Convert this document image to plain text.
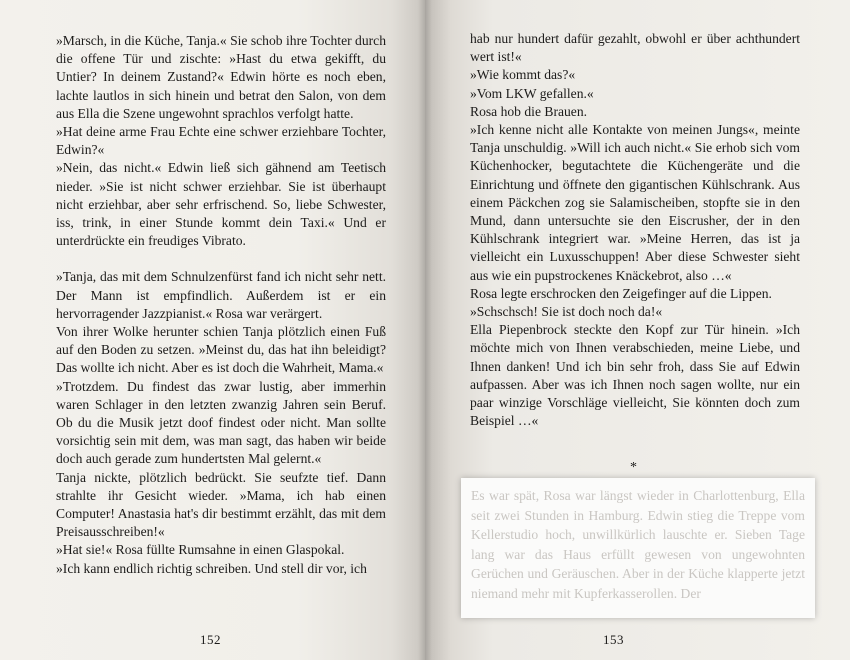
»Marsch, in die Küche, Tanja.« Sie schob ihre Tochter durch die offene Tür und zischte: »Hast du etwa gekifft, du Untier? In deinem Zustand?« Edwin hörte es noch eben, lachte lautlos in sich hinein und betrat den Salon, von dem aus Ella die Szene ungewohnt sprachlos verfolgt hatte.

»Hat deine arme Frau Echte eine schwer erziehbare Tochter, Edwin?«

»Nein, das nicht.« Edwin ließ sich gähnend am Teetisch nieder. »Sie ist nicht schwer erziehbar. Sie ist überhaupt nicht erziehbar, aber sehr erfrischend. So, liebe Schwester, iss, trink, in einer Stunde kommt dein Taxi.« Und er unterdrückte ein freudiges Vibrato.

»Tanja, das mit dem Schnulzenfürst fand ich nicht sehr nett. Der Mann ist empfindlich. Außerdem ist er ein hervorragender Jazzpianist.« Rosa war verärgert.

Von ihrer Wolke herunter schien Tanja plötzlich einen Fuß auf den Boden zu setzen. »Meinst du, das hat ihn beleidigt? Das wollte ich nicht. Aber es ist doch die Wahrheit, Mama.«

»Trotzdem. Du findest das zwar lustig, aber immerhin waren Schlager in den letzten zwanzig Jahren sein Beruf. Ob du die Musik jetzt doof findest oder nicht. Man sollte vorsichtig sein mit dem, was man sagt, das haben wir beide doch auch gerade zum hundertsten Mal gelernt.«

Tanja nickte, plötzlich bedrückt. Sie seufzte tief. Dann strahlte ihr Gesicht wieder. »Mama, ich hab einen Computer! Anastasia hat's dir bestimmt erzählt, das mit dem Preisausschreiben!«

»Hat sie!« Rosa füllte Rumsahne in einen Glaspokal.

»Ich kann endlich richtig schreiben. Und stell dir vor, ich

152

hab nur hundert dafür gezahlt, obwohl er über achthundert wert ist!«

»Wie kommt das?«

»Vom LKW gefallen.«

Rosa hob die Brauen.

»Ich kenne nicht alle Kontakte von meinen Jungs«, meinte Tanja unschuldig. »Will ich auch nicht.« Sie erhob sich vom Küchenhocker, begutachtete die Küchengeräte und die Einrichtung und öffnete den gigantischen Kühlschrank. Aus einem Päckchen zog sie Salamischeiben, stopfte sie in den Mund, dann untersuchte sie den Eiscrusher, der in den Kühlschrank integriert war. »Meine Herren, das ist ja vielleicht ein Luxusschuppen! Aber diese Schwester sieht aus wie ein pupstrockenes Knäckebrot, also …«

Rosa legte erschrocken den Zeigefinger auf die Lippen.

»Schschsch! Sie ist doch noch da!«

Ella Piepenbrock steckte den Kopf zur Tür hinein. »Ich möchte mich von Ihnen verabschieden, meine Liebe, und Ihnen danken! Und ich bin sehr froh, dass Sie auf Edwin aufpassen. Aber was ich Ihnen noch sagen wollte, nur ein paar winzige Vorschläge vielleicht, Sie könnten doch zum Beispiel …«

*

Es war spät, Rosa war längst wieder in Charlottenburg, Ella seit zwei Stunden in Hamburg. Edwin stieg die Treppe vom Kellerstudio hoch, unwillkürlich lauschte er. Sieben Tage lang war das Haus erfüllt gewesen von ungewohnten Gerüchen und Geräuschen. Aber in der Küche klapperte jetzt niemand mehr mit Kupferkasserollen. Der

153
